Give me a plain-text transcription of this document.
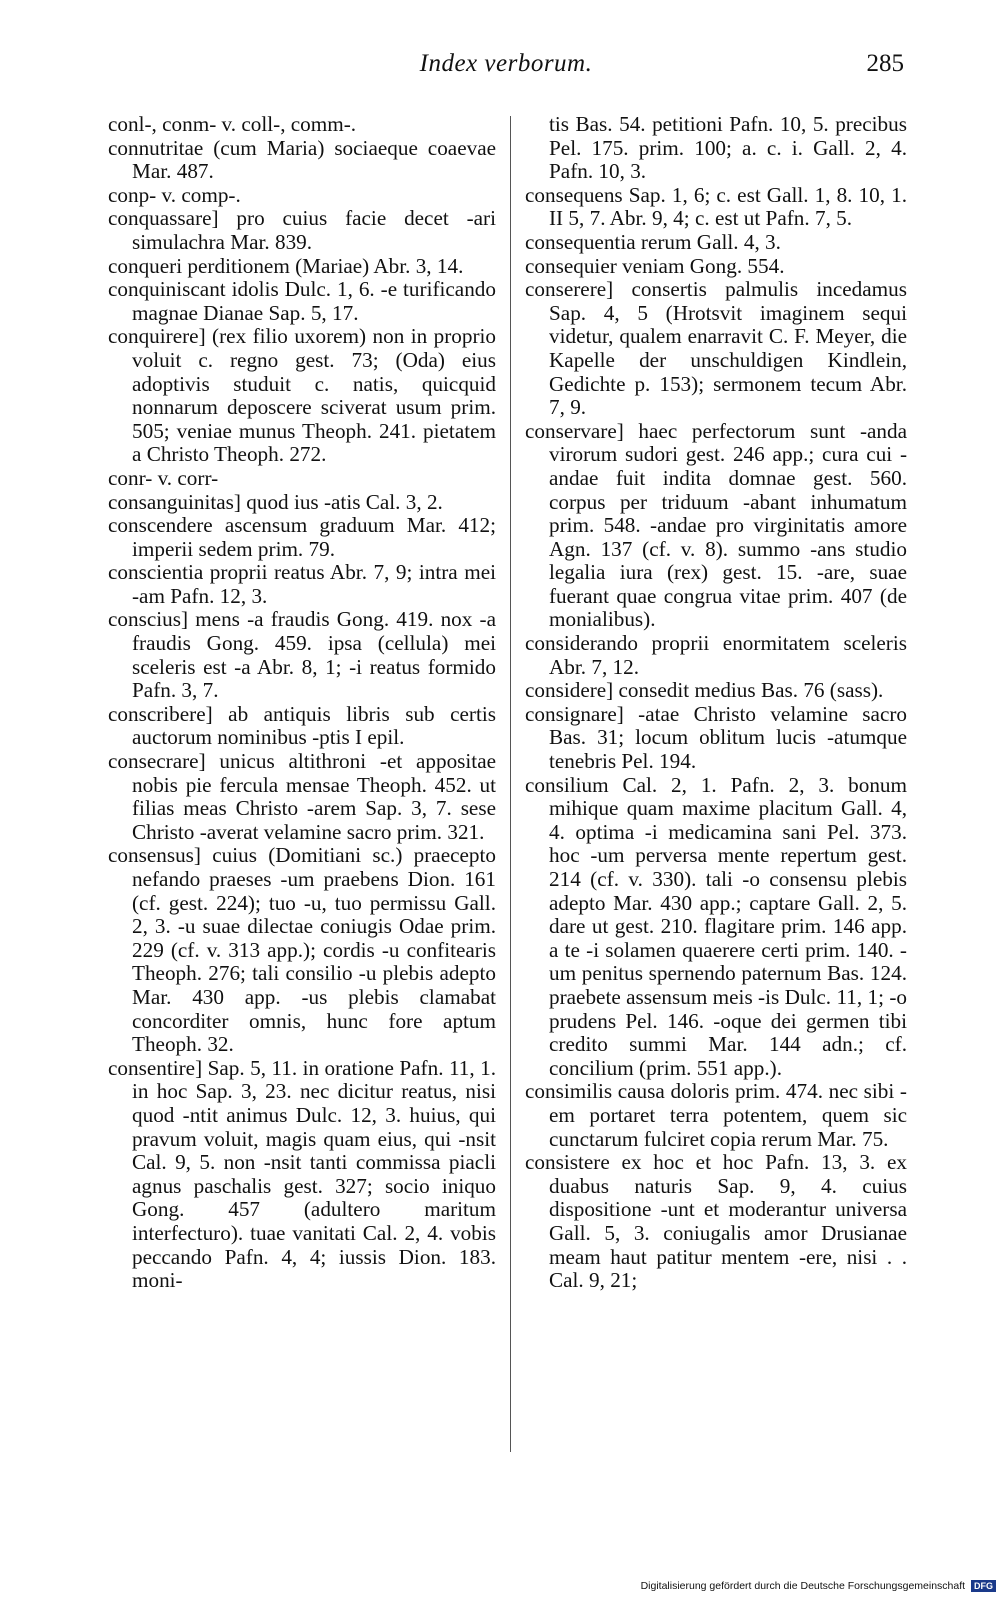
Index verborum.	285

conl-, conm- v. coll-, comm-.

connutritae (cum Maria) sociaeque coaevae Mar. 487.

conp- v. comp-.

conquassare] pro cuius facie decet -ari simulachra Mar. 839.

conqueri perditionem (Mariae) Abr. 3, 14.

conquiniscant idolis Dulc. 1, 6. -e turificando magnae Dianae Sap. 5, 17.

conquirere] (rex filio uxorem) non in proprio voluit c. regno gest. 73; (Oda) eius adoptivis studuit c. natis, quicquid nonnarum deposcere sciverat usum prim. 505; veniae munus Theoph. 241. pietatem a Christo Theoph. 272.

conr- v. corr-

consanguinitas] quod ius -atis Cal. 3, 2.

conscendere ascensum graduum Mar. 412; imperii sedem prim. 79.

conscientia proprii reatus Abr. 7, 9; intra mei -am Pafn. 12, 3.

conscius] mens -a fraudis Gong. 419. nox -a fraudis Gong. 459. ipsa (cellula) mei sceleris est -a Abr. 8, 1; -i reatus formido Pafn. 3, 7.

conscribere] ab antiquis libris sub certis auctorum nominibus -ptis I epil.

consecrare] unicus altithroni -et appositae nobis pie fercula mensae Theoph. 452. ut filias meas Christo -arem Sap. 3, 7. sese Christo -averat velamine sacro prim. 321.

consensus] cuius (Domitiani sc.) praecepto nefando praeses -um praebens Dion. 161 (cf. gest. 224); tuo -u, tuo permissu Gall. 2, 3. -u suae dilectae coniugis Odae prim. 229 (cf. v. 313 app.); cordis -u confitearis Theoph. 276; tali consilio -u plebis adepto Mar. 430 app. -us plebis clamabat concorditer omnis, hunc fore aptum Theoph. 32.

consentire] Sap. 5, 11. in oratione Pafn. 11, 1. in hoc Sap. 3, 23. nec dicitur reatus, nisi quod -ntit animus Dulc. 12, 3. huius, qui pravum voluit, magis quam eius, qui -nsit Cal. 9, 5. non -nsit tanti commissa piacli agnus paschalis gest. 327; socio iniquo Gong. 457 (adultero maritum interfecturo). tuae vanitati Cal. 2, 4. vobis peccando Pafn. 4, 4; iussis Dion. 183. moni-

tis Bas. 54. petitioni Pafn. 10, 5. precibus Pel. 175. prim. 100; a. c. i. Gall. 2, 4. Pafn. 10, 3.

consequens Sap. 1, 6; c. est Gall. 1, 8. 10, 1. II 5, 7. Abr. 9, 4; c. est ut Pafn. 7, 5.

consequentia rerum Gall. 4, 3.

consequier veniam Gong. 554.

conserere] consertis palmulis incedamus Sap. 4, 5 (Hrotsvit imaginem sequi videtur, qualem enarravit C. F. Meyer, die Kapelle der unschuldigen Kindlein, Gedichte p. 153); sermonem tecum Abr. 7, 9.

conservare] haec perfectorum sunt -anda virorum sudori gest. 246 app.; cura cui -andae fuit indita domnae gest. 560. corpus per triduum -abant inhumatum prim. 548. -andae pro virginitatis amore Agn. 137 (cf. v. 8). summo -ans studio legalia iura (rex) gest. 15. -are, suae fuerant quae congrua vitae prim. 407 (de monialibus).

considerando proprii enormitatem sceleris Abr. 7, 12.

considere] consedit medius Bas. 76 (sass).

consignare] -atae Christo velamine sacro Bas. 31; locum oblitum lucis -atumque tenebris Pel. 194.

consilium Cal. 2, 1. Pafn. 2, 3. bonum mihique quam maxime placitum Gall. 4, 4. optima -i medicamina sani Pel. 373. hoc -um perversa mente repertum gest. 214 (cf. v. 330). tali -o consensu plebis adepto Mar. 430 app.; captare Gall. 2, 5. dare ut gest. 210. flagitare prim. 146 app. a te -i solamen quaerere certi prim. 140. -um penitus spernendo paternum Bas. 124. praebete assensum meis -is Dulc. 11, 1; -o prudens Pel. 146. -oque dei germen tibi credito summi Mar. 144 adn.; cf. concilium (prim. 551 app.).

consimilis causa doloris prim. 474. nec sibi -em portaret terra potentem, quem sic cunctarum fulciret copia rerum Mar. 75.

consistere ex hoc et hoc Pafn. 13, 3. ex duabus naturis Sap. 9, 4. cuius dispositione -unt et moderantur universa Gall. 5, 3. coniugalis amor Drusianae meam haut patitur mentem -ere, nisi . . Cal. 9, 21;

Digitalisierung gefördert durch die Deutsche Forschungsgemeinschaft DFG
